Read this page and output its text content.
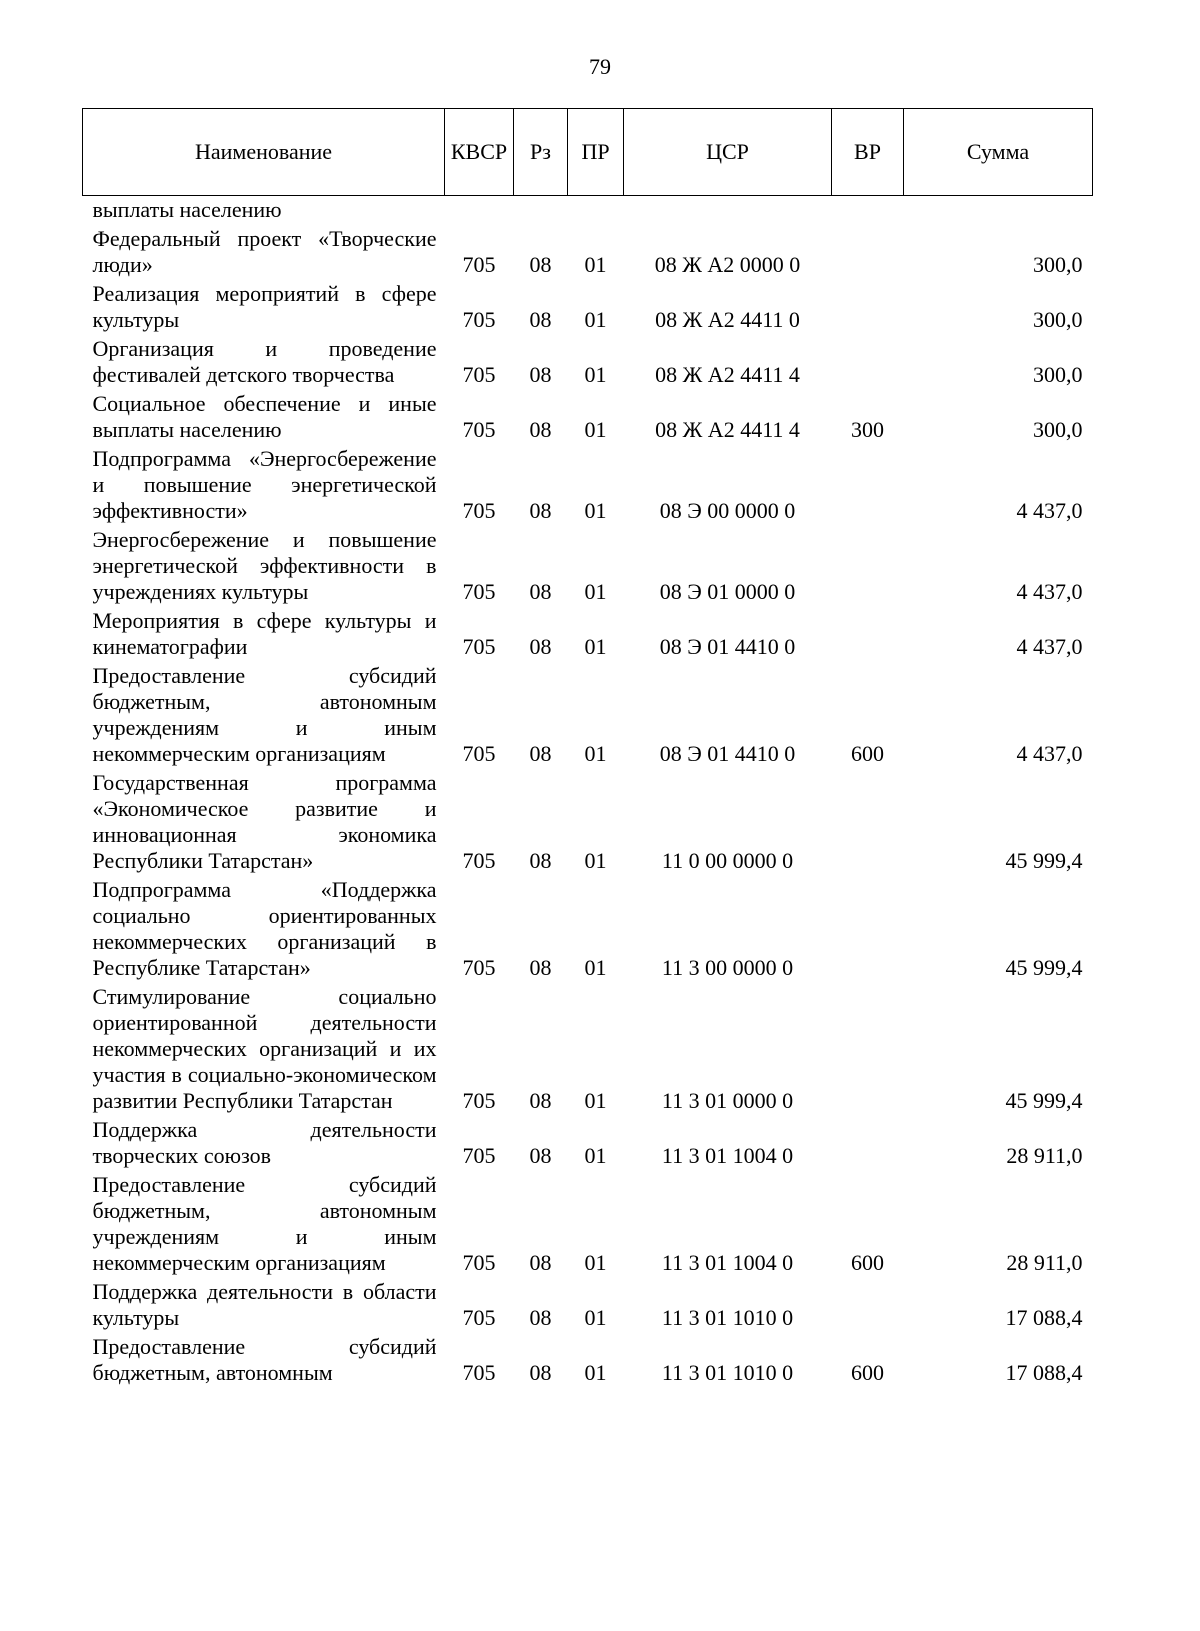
79
Наименование	КВСР	Рз	ПР	ЦСР	ВР	Сумма
выплаты населению						
Федеральный проект «Творческие люди»	705	08	01	08 Ж А2 0000 0		300,0
Реализация мероприятий в сфере культуры	705	08	01	08 Ж А2 4411 0		300,0
Организация и проведение фестивалей детского творчества	705	08	01	08 Ж А2 4411 4		300,0
Социальное обеспечение и иные выплаты населению	705	08	01	08 Ж А2 4411 4	300	300,0
Подпрограмма «Энергосбережение и повышение энергетической эффективности»	705	08	01	08 Э 00 0000 0		4 437,0
Энергосбережение и повышение энергетической эффективности в учреждениях культуры	705	08	01	08 Э 01 0000 0		4 437,0
Мероприятия в сфере культуры и кинематографии	705	08	01	08 Э 01 4410 0		4 437,0
Предоставление субсидий бюджетным, автономным учреждениям и иным некоммерческим организациям	705	08	01	08 Э 01 4410 0	600	4 437,0
Государственная программа «Экономическое развитие и инновационная экономика Республики Татарстан»	705	08	01	11 0 00 0000 0		45 999,4
Подпрограмма «Поддержка социально ориентированных некоммерческих организаций в Республике Татарстан»	705	08	01	11 3 00 0000 0		45 999,4
Стимулирование социально ориентированной деятельности некоммерческих организаций и их участия в социально-экономическом развитии Республики Татарстан	705	08	01	11 3 01 0000 0		45 999,4
Поддержка деятельности творческих союзов	705	08	01	11 3 01 1004 0		28 911,0
Предоставление субсидий бюджетным, автономным учреждениям и иным некоммерческим организациям	705	08	01	11 3 01 1004 0	600	28 911,0
Поддержка деятельности в области культуры	705	08	01	11 3 01 1010 0		17 088,4
Предоставление субсидий бюджетным, автономным	705	08	01	11 3 01 1010 0	600	17 088,4
